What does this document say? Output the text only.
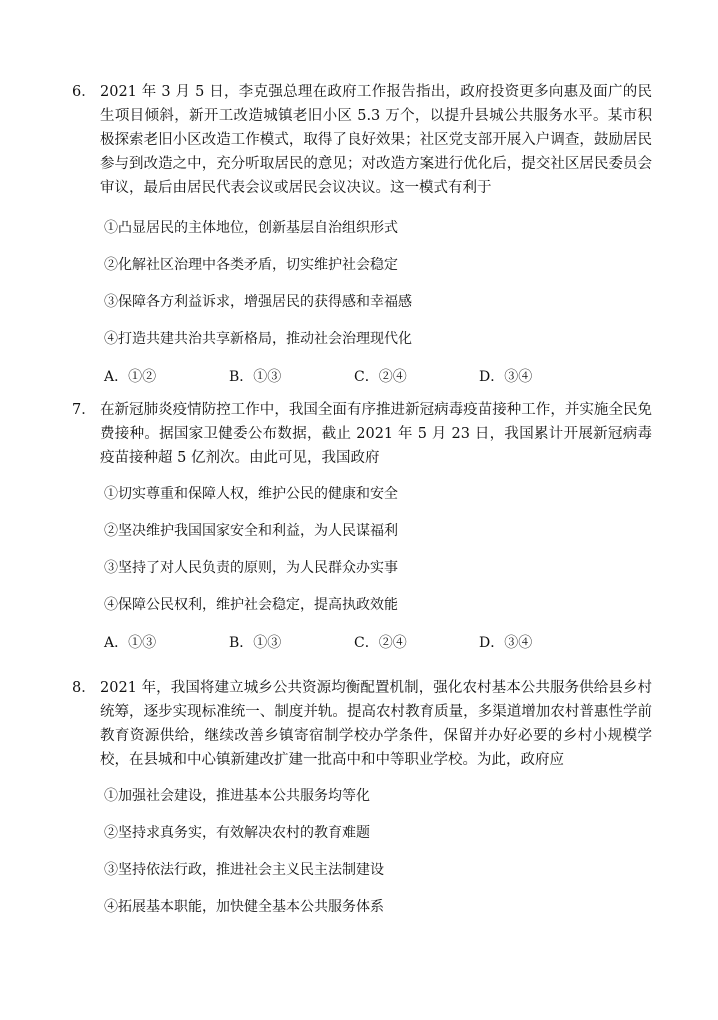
6． 2021 年 3 月 5 日，李克强总理在政府工作报告指出，政府投资更多向惠及面广的民生项目倾斜，新开工改造城镇老旧小区 5.3 万个，以提升县城公共服务水平。某市积极探索老旧小区改造工作模式，取得了良好效果；社区党支部开展入户调查，鼓励居民参与到改造之中，充分听取居民的意见；对改造方案进行优化后，提交社区居民委员会审议，最后由居民代表会议或居民会议决议。这一模式有利于
①凸显居民的主体地位，创新基层自治组织形式
②化解社区治理中各类矛盾，切实维护社会稳定
③保障各方利益诉求，增强居民的获得感和幸福感
④打造共建共治共享新格局，推动社会治理现代化
A．①②	B．①③	C．②④	D．③④
7． 在新冠肺炎疫情防控工作中，我国全面有序推进新冠病毒疫苗接种工作，并实施全民免费接种。据国家卫健委公布数据，截止 2021 年 5 月 23 日，我国累计开展新冠病毒疫苗接种超 5 亿剂次。由此可见，我国政府
①切实尊重和保障人权，维护公民的健康和安全
②坚决维护我国国家安全和利益，为人民谋福利
③坚持了对人民负责的原则，为人民群众办实事
④保障公民权利，维护社会稳定，提高执政效能
A．①③	B．①③	C．②④	D．③④
8． 2021 年，我国将建立城乡公共资源均衡配置机制，强化农村基本公共服务供给县乡村统筹，逐步实现标准统一、制度并轨。提高农村教育质量，多渠道增加农村普惠性学前教育资源供给，继续改善乡镇寄宿制学校办学条件，保留并办好必要的乡村小规模学校，在县城和中心镇新建改扩建一批高中和中等职业学校。为此，政府应
①加强社会建设，推进基本公共服务均等化
②坚持求真务实，有效解决农村的教育难题
③坚持依法行政，推进社会主义民主法制建设
④拓展基本职能，加快健全基本公共服务体系
